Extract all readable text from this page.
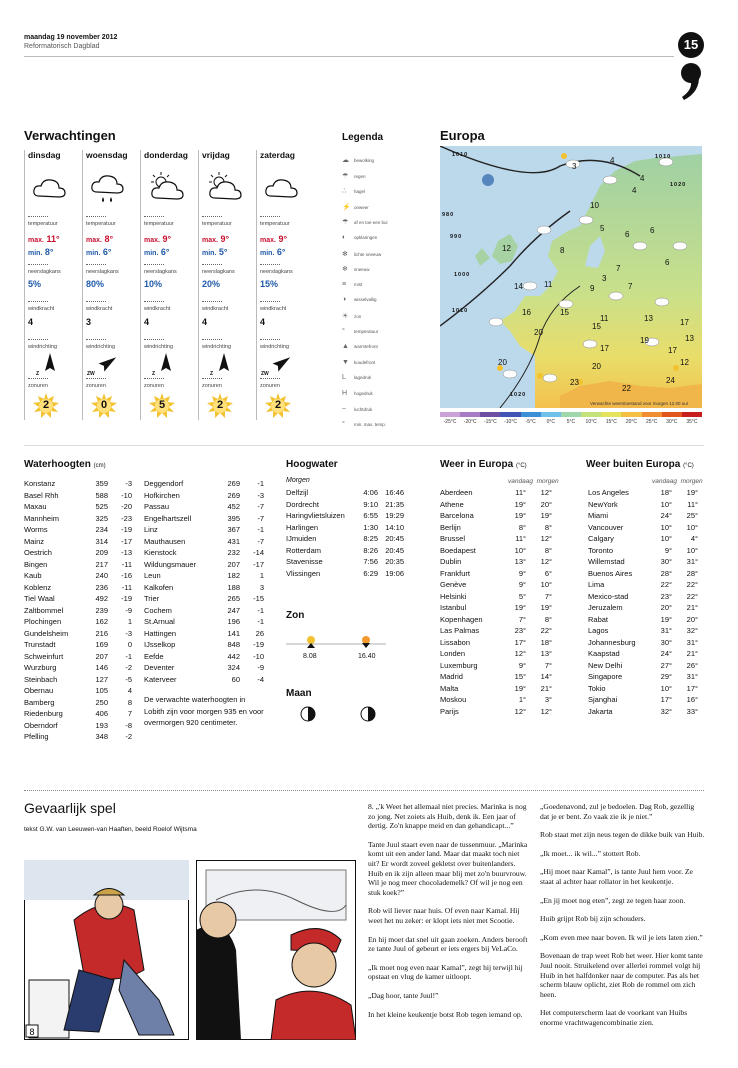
maandag 19 november 2012
Reformatorisch Dagblad	15
Verwachtingen
dinsdag
temperatuur
max. 11°
min. 8°
neerslagkans
5%
windkracht
4
windrichting
Z
zonuren
2
woensdag
temperatuur
max. 8°
min. 6°
neerslagkans
80%
windkracht
3
windrichting
ZW
zonuren
0
donderdag
temperatuur
max. 9°
min. 6°
neerslagkans
10%
windkracht
4
windrichting
Z
zonuren
5
vrijdag
temperatuur
max. 9°
min. 5°
neerslagkans
20%
windkracht
4
windrichting
Z
zonuren
2
zaterdag
temperatuur
max. 9°
min. 6°
neerslagkans
15%
windkracht
4
windrichting
ZW
zonuren
2
Legenda
☁ bewolking
☂ regen
∴ hagel
⚡ onweer
☂ af en toe een bui
◐ opklaringen
✻ lichte sneeuw
❄ sneeuw
≡ mist
◑ wisselvallig
☀ zon
° temperatuur
▲ warmtefront
▼ koudefront
L lagedruk
H hogedruk
~ luchtdruk
° min. max. temp.
Europa
1010	1010
980
990
1000
1010
1020
1020
4
4
3
10
4
5
6	6
12	8
6
7
3
14	11	9	7
16	15
11	13	17
20
15
17
19	13
17
12
20	20
23
22
24
Verwachte weerstoestand voor morgen 12.00 uur
-25°C	-20°C	-15°C	-10°C	-5°C	0°C	5°C	10°C	15°C	20°C	25°C	30°C	35°C
Waterhoogten (cm)
Konstanz	359	-3
Basel Rhh	588	-10
Maxau	525	-20
Mannheim	325	-23
Worms	234	-19
Mainz	314	-17
Oestrich	209	-13
Bingen	217	-11
Kaub	240	-16
Koblenz	236	-11
Tiel Waal	492	-19
Zaltbommel	239	-9
Plochingen	162	1
Gundelsheim	216	-3
Trunstadt	169	0
Schweinfurt	207	-1
Wurzburg	146	-2
Steinbach	127	-5
Obernau	105	4
Bamberg	250	8
Riedenburg	406	7
Oberndorf	193	-8
Pfelling	348	-2
Deggendorf	269	-1
Hofkirchen	269	-3
Passau	452	-7
Engelhartszell	395	-7
Linz	367	-1
Mauthausen	431	-7
Kienstock	232	-14
Wildungsmauer	207	-17
Leun	182	1
Kalkofen	188	3
Trier	265	-15
Cochem	247	-1
St.Arnual	196	-1
Hattingen	141	26
IJsselkop	848	-19
Eefde	442	-10
Deventer	324	-9
Katerveer	60	-4
De verwachte waterhoogten in Lobith zijn voor morgen 935 en voor overmorgen 920 centimeter.
Hoogwater
Morgen
Delfzijl	4:06	16:46
Dordrecht	9:10	21:35
Haringvlietsluizen	6:55	19:29
Harlingen	1:30	14:10
IJmuiden	8:25	20:45
Rotterdam	8:26	20:45
Stavenisse	7:56	20:35
Vlissingen	6:29	19:06
Zon
8.08	16.40
Maan
Weer in Europa (°C)
vandaag morgen
Aberdeen	11°	12°
Athene	19°	20°
Barcelona	19°	19°
Berlijn	8°	8°
Brussel	11°	12°
Boedapest	10°	8°
Dublin	13°	12°
Frankfurt	9°	6°
Genève	9°	10°
Helsinki	5°	7°
Istanbul	19°	19°
Kopenhagen	7°	8°
Las Palmas	23°	22°
Lissabon	17°	18°
Londen	12°	13°
Luxemburg	9°	7°
Madrid	15°	14°
Malta	19°	21°
Moskou	1°	3°
Parijs	12°	12°
Weer buiten Europa (°C)
vandaag morgen
Los Angeles	18°	19°
NewYork	10°	11°
Miami	24°	25°
Vancouver	10°	10°
Calgary	10°	4°
Toronto	9°	10°
Willemstad	30°	31°
Buenos Aires	28°	28°
Lima	22°	22°
Mexico-stad	23°	22°
Jeruzalem	20°	21°
Rabat	19°	20°
Lagos	31°	32°
Johannesburg	30°	31°
Kaapstad	24°	21°
New Delhi	27°	26°
Singapore	29°	31°
Tokio	10°	17°
Sjanghai	17°	16°
Jakarta	32°	33°
Gevaarlijk spel
tekst G.W. van Leeuwen-van Haaften, beeld Roelof Wijtsma
8

8. „'k Weet het allemaal niet precies. Marinka is nog zo jong. Net zoiets als Huib, denk ik. Een jaar of dertig. Zo'n knappe meid en dan gehandicapt...”

Tante Juul staart even naar de tussenmuur. „Marinka komt uit een ander land. Maar dat maakt toch niet uit? Er wordt zoveel gekletst over buitenlanders. Huib en ik zijn alleen maar blij met zo'n buurvrouw. Wil je nog meer chocolademelk? Of wil je nog een stuk koek?”

Rob wil liever naar huis. Of even naar Kamal. Hij weet het nu zeker: er klopt iets niet met Scootie.

En hij moet dat snel uit gaan zoeken. Anders berooft ze tante Juul of gebeurt er iets ergers bij VeLaCo.

„Ik moet nog even naar Kamal”, zegt hij terwijl hij opstaat en vlug de kamer uitloopt.

„Dag hoor, tante Juul!”

In het kleine keukentje botst Rob tegen iemand op.

„Goedenavond, zul je bedoelen. Dag Rob, gezellig dat je er bent. Zo vaak zie ik je niet.”

Rob staat met zijn neus tegen de dikke buik van Huib.

„Ik moet... ik wil...” stottert Rob.

„Hij moet naar Kamal”, is tante Juul hem voor. Ze staat al achter haar rollator in het keukentje.

„En jij moet nog eten”, zegt ze tegen haar zoon.

Huib grijpt Rob bij zijn schouders.

„Kom even mee naar boven. Ik wil je iets laten zien.”

Bovenaan de trap weet Rob het weer. Hier komt tante Juul nooit. Struikelend over allerlei rommel volgt hij Huib in het halfdonker naar de computer. Pas als het scherm blauw oplicht, ziet Rob de rommel om zich heen.

Het computerscherm laat de voorkant van Huibs enorme vrachtwagencombinatie zien.
